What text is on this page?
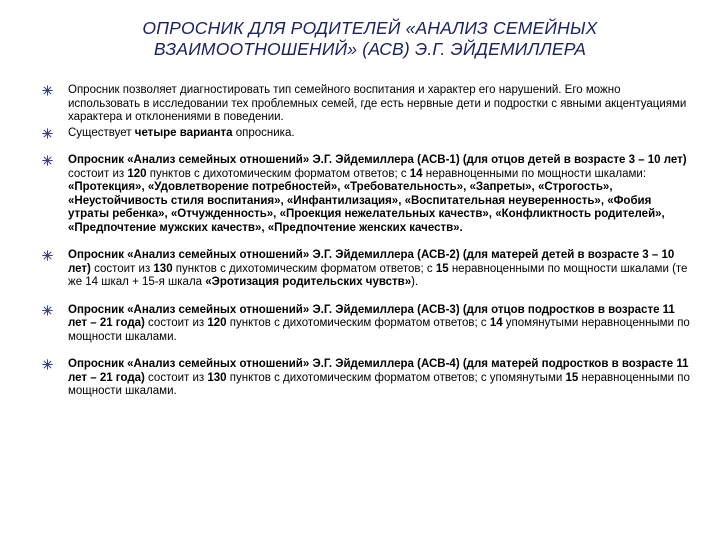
ОПРОСНИК ДЛЯ РОДИТЕЛЕЙ «АНАЛИЗ СЕМЕЙНЫХ
ВЗАИМООТНОШЕНИЙ» (АСВ) Э.Г. ЭЙДЕМИЛЛЕРА
Опросник позволяет диагностировать тип семейного воспитания и характер его нарушений. Его можно использовать в исследовании тех проблемных семей, где есть нервные дети и подростки с явными акцентуациями характера и отклонениями в поведении.
Существует четыре варианта опросника.
Опросник «Анализ семейных отношений» Э.Г. Эйдемиллера (АСВ-1) (для отцов детей в возрасте 3 – 10 лет) состоит из 120 пунктов с дихотомическим форматом ответов; с 14 неравноценными по мощности шкалами: «Протекция», «Удовлетворение потребностей», «Требовательность», «Запреты», «Строгость», «Неустойчивость стиля воспитания», «Инфантилизация», «Воспитательная неуверенность», «Фобия утраты ребенка», «Отчужденность», «Проекция нежелательных качеств», «Конфликтность родителей», «Предпочтение мужских качеств», «Предпочтение женских качеств».
Опросник «Анализ семейных отношений» Э.Г. Эйдемиллера (АСВ-2) (для матерей детей в возрасте 3 – 10 лет) состоит из 130 пунктов с дихотомическим форматом ответов; с 15 неравноценными по мощности шкалами (те же 14 шкал + 15-я шкала «Эротизация родительских чувств»).
Опросник «Анализ семейных отношений» Э.Г. Эйдемиллера (АСВ-3) (для отцов подростков в возрасте 11 лет – 21 года) состоит из 120 пунктов с дихотомическим форматом ответов; с 14 упомянутыми неравноценными по мощности шкалами.
Опросник «Анализ семейных отношений» Э.Г. Эйдемиллера (АСВ-4) (для матерей подростков в возрасте 11 лет – 21 года) состоит из 130 пунктов с дихотомическим форматом ответов; с упомянутыми 15 неравноценными по мощности шкалами.
